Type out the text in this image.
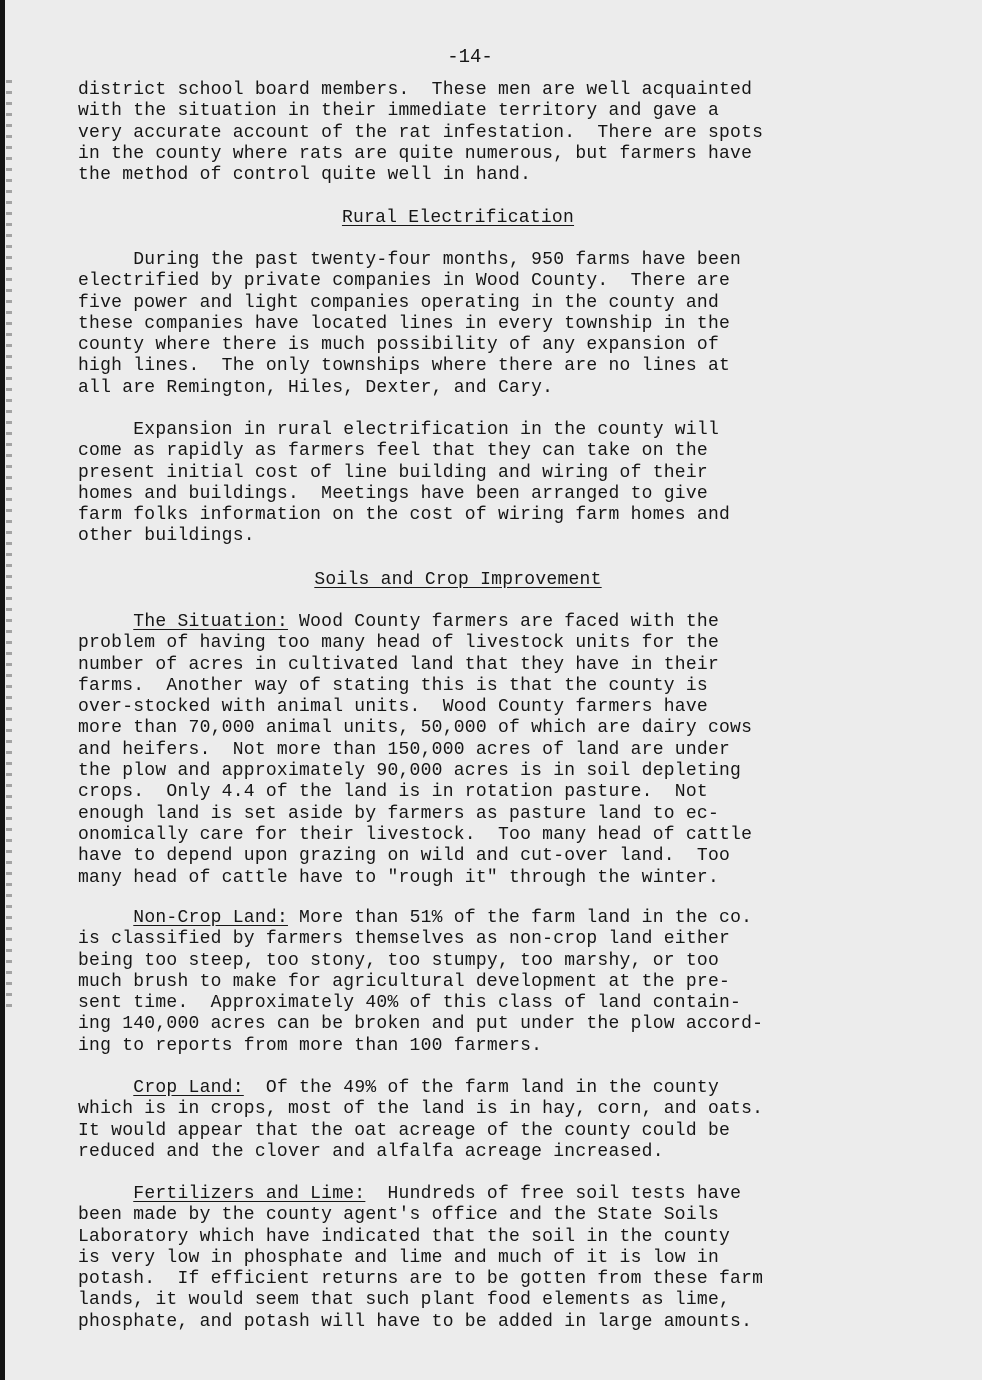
-14-
district school board members.  These men are well acquainted
with the situation in their immediate territory and gave a
very accurate account of the rat infestation.  There are spots
in the county where rats are quite numerous, but farmers have
the method of control quite well in hand.
Rural Electrification
During the past twenty-four months, 950 farms have been
electrified by private companies in Wood County.  There are
five power and light companies operating in the county and
these companies have located lines in every township in the
county where there is much possibility of any expansion of
high lines.  The only townships where there are no lines at
all are Remington, Hiles, Dexter, and Cary.
Expansion in rural electrification in the county will
come as rapidly as farmers feel that they can take on the
present initial cost of line building and wiring of their
homes and buildings.  Meetings have been arranged to give
farm folks information on the cost of wiring farm homes and
other buildings.
Soils and Crop Improvement
The Situation: Wood County farmers are faced with the
problem of having too many head of livestock units for the
number of acres in cultivated land that they have in their
farms.  Another way of stating this is that the county is
over-stocked with animal units.  Wood County farmers have
more than 70,000 animal units, 50,000 of which are dairy cows
and heifers.  Not more than 150,000 acres of land are under
the plow and approximately 90,000 acres is in soil depleting
crops.  Only 4.4 of the land is in rotation pasture.  Not
enough land is set aside by farmers as pasture land to ec-
onomically care for their livestock.  Too many head of cattle
have to depend upon grazing on wild and cut-over land.  Too
many head of cattle have to "rough it" through the winter.
Non-Crop Land: More than 51% of the farm land in the co.
is classified by farmers themselves as non-crop land either
being too steep, too stony, too stumpy, too marshy, or too
much brush to make for agricultural development at the pre-
sent time.  Approximately 40% of this class of land contain-
ing 140,000 acres can be broken and put under the plow accord-
ing to reports from more than 100 farmers.
Crop Land:  Of the 49% of the farm land in the county
which is in crops, most of the land is in hay, corn, and oats.
It would appear that the oat acreage of the county could be
reduced and the clover and alfalfa acreage increased.
Fertilizers and Lime:  Hundreds of free soil tests have
been made by the county agent's office and the State Soils
Laboratory which have indicated that the soil in the county
is very low in phosphate and lime and much of it is low in
potash.  If efficient returns are to be gotten from these farm
lands, it would seem that such plant food elements as lime,
phosphate, and potash will have to be added in large amounts.
